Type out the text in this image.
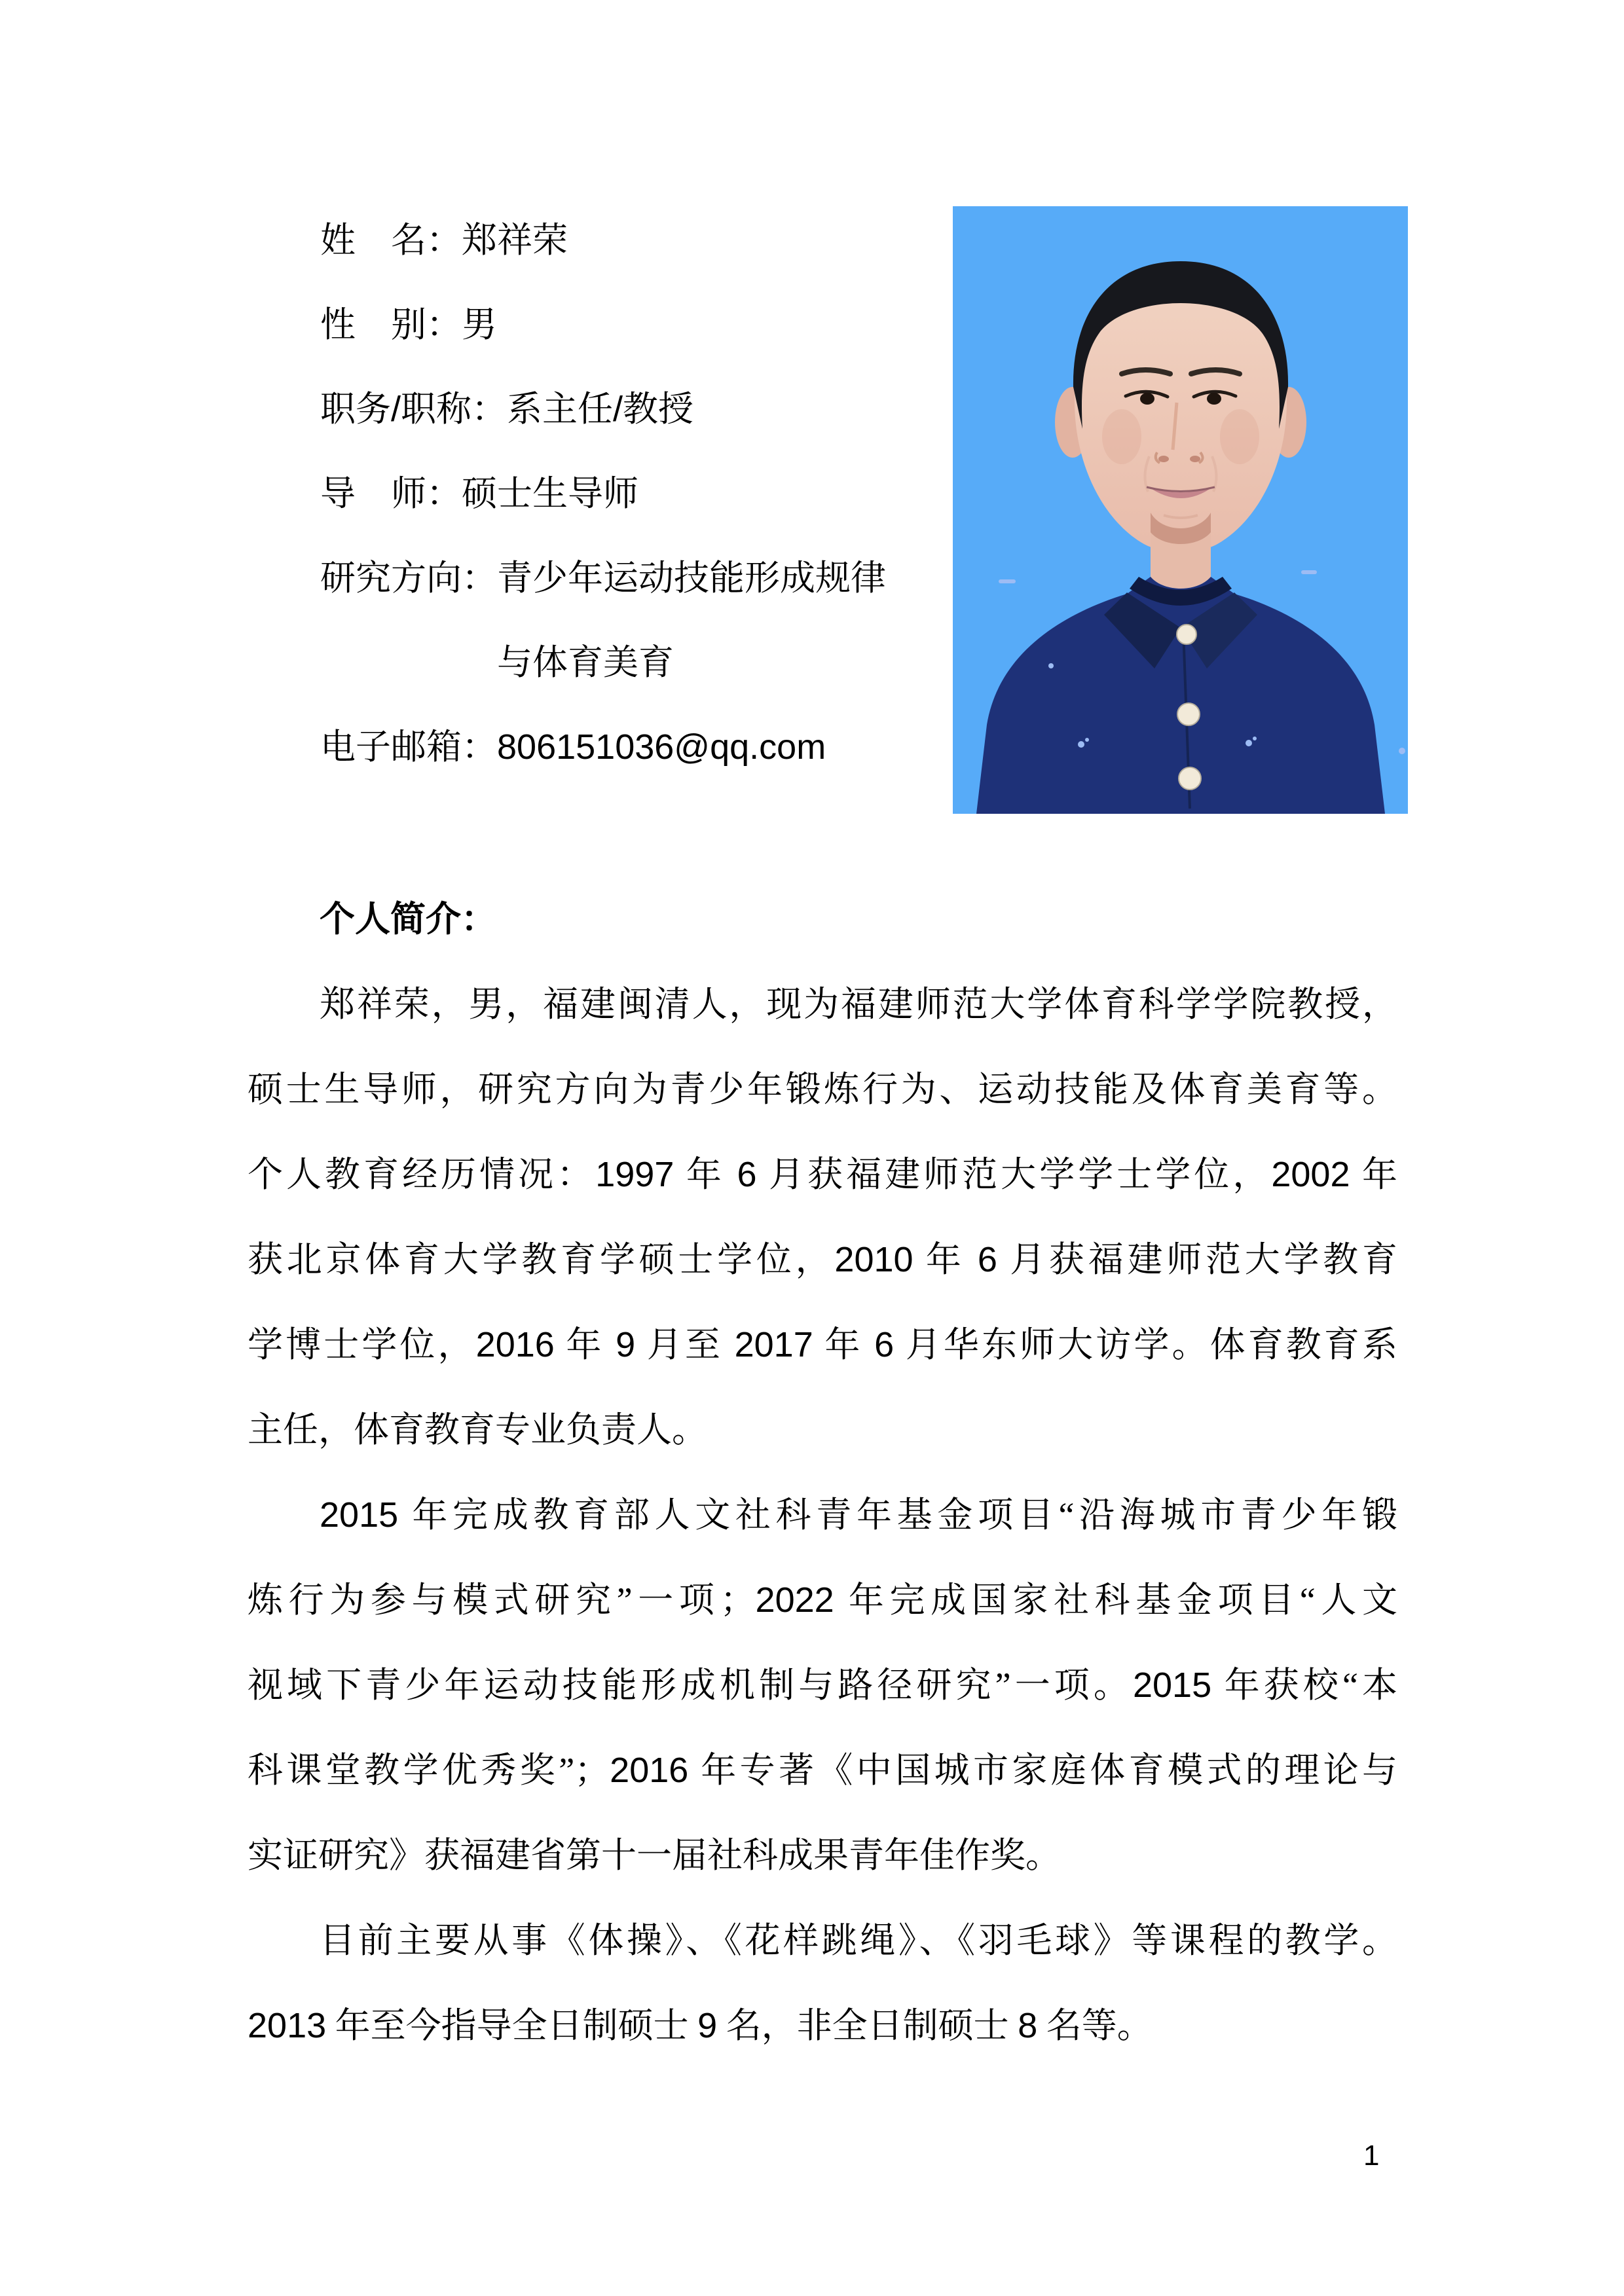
姓　名：郑祥荣
性　别：男
职务/职称：系主任/教授
导　师：硕士生导师
研究方向：青少年运动技能形成规律
与体育美育
电子邮箱：806151036@qq.com
个人简介：
郑祥荣，男，福建闽清人，现为福建师范大学体育科学学院教授，
硕士生导师，研究方向为青少年锻炼行为、运动技能及体育美育等。
个人教育经历情况：1997 年 6 月获福建师范大学学士学位，2002 年
获北京体育大学教育学硕士学位，2010 年 6 月获福建师范大学教育
学博士学位，2016 年 9 月至 2017 年 6 月华东师大访学。体育教育系
主任，体育教育专业负责人。
2015 年完成教育部人文社科青年基金项目“沿海城市青少年锻
炼行为参与模式研究”一项；2022 年完成国家社科基金项目“人文
视域下青少年运动技能形成机制与路径研究”一项。2015 年获校“本
科课堂教学优秀奖”；2016 年专著《中国城市家庭体育模式的理论与
实证研究》获福建省第十一届社科成果青年佳作奖。
目前主要从事《体操》、《花样跳绳》、《羽毛球》等课程的教学。
2013 年至今指导全日制硕士 9 名，非全日制硕士 8 名等。
1
